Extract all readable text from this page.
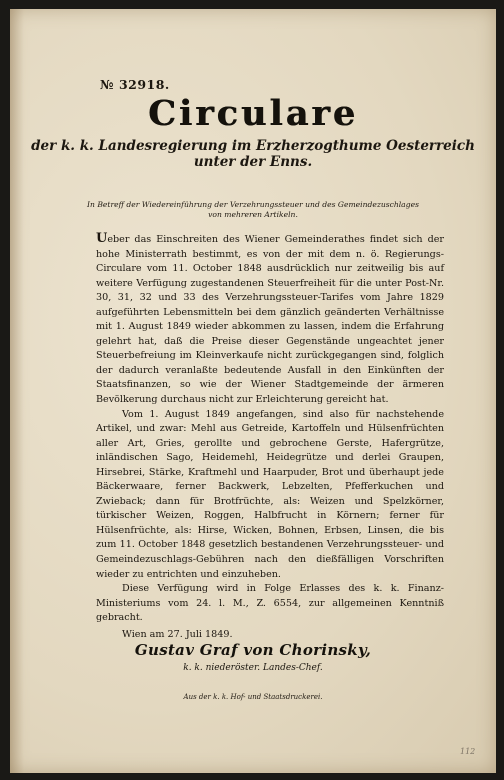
№ 32918.
Circulare
der k. k. Landesregierung im Erzherzogthume Oesterreich
unter der Enns.
In Betreff der Wiedereinführung der Verzehrungssteuer und des Gemeindezuschlages
von mehreren Artikeln.

Ueber das Einschreiten des Wiener Gemeinderathes findet sich der hohe Ministerrath bestimmt, es von der mit dem n. ö. Regierungs-Circulare vom 11. October 1848 ausdrücklich nur zeitweilig bis auf weitere Verfügung zugestandenen Steuerfreiheit für die unter Post-Nr. 30, 31, 32 und 33 des Verzehrungssteuer-Tarifes vom Jahre 1829 aufgeführten Lebensmitteln bei dem gänzlich geänderten Verhältnisse mit 1. August 1849 wieder abkommen zu lassen, indem die Erfahrung gelehrt hat, daß die Preise dieser Gegenstände ungeachtet jener Steuerbefreiung im Kleinverkaufe nicht zurückgegangen sind, folglich der dadurch veranlaßte bedeutende Ausfall in den Einkünften der Staatsfinanzen, so wie der Wiener Stadtgemeinde der ärmeren Bevölkerung durchaus nicht zur Erleichterung gereicht hat.

Vom 1. August 1849 angefangen, sind also für nachstehende Artikel, und zwar: Mehl aus Getreide, Kartoffeln und Hülsenfrüchten aller Art, Gries, gerollte und gebrochene Gerste, Hafergrütze, inländischen Sago, Heidemehl, Heidegrütze und derlei Graupen, Hirsebrei, Stärke, Kraftmehl und Haarpuder, Brot und überhaupt jede Bäckerwaare, ferner Backwerk, Lebzelten, Pfefferkuchen und Zwieback; dann für Brotfrüchte, als: Weizen und Spelzkörner, türkischer Weizen, Roggen, Halbfrucht in Körnern; ferner für Hülsenfrüchte, als: Hirse, Wicken, Bohnen, Erbsen, Linsen, die bis zum 11. October 1848 gesetzlich bestandenen Verzehrungssteuer- und Gemeindezuschlags-Gebühren nach den dießfälligen Vorschriften wieder zu entrichten und einzuheben.

Diese Verfügung wird in Folge Erlasses des k. k. Finanz-Ministeriums vom 24. l. M., Z. 6554, zur allgemeinen Kenntniß gebracht.

Wien am 27. Juli 1849.

Gustav Graf von Chorinsky,
k. k. niederöster. Landes-Chef.
Aus der k. k. Hof- und Staatsdruckerei.
112
